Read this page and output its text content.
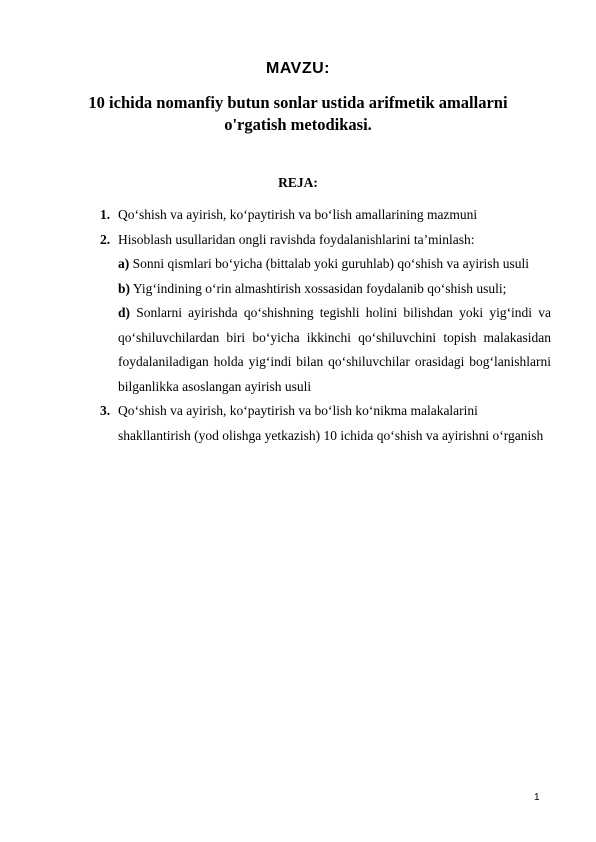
MAVZU:
10 ichida nomanfiy butun sonlar ustida arifmetik amallarni o'rgatish metodikasi.
REJA:
1. Qo‘shish va ayirish, ko‘paytirish va bo‘lish amallarining mazmuni
2. Hisoblash usullaridan ongli ravishda foydalanishlarini ta’minlash:
a) Sonni qismlari bo‘yicha (bittalab yoki guruhlab) qo‘shish va ayirish usuli
b) Yig‘indining o‘rin almashtirish xossasidan foydalanib qo‘shish usuli;
d) Sonlarni ayirishda qo‘shishning tegishli holini bilishdan yoki yig‘indi va qo‘shiluvchilardan biri bo‘yicha ikkinchi qo‘shiluvchini topish malakasidan foydalaniladigan holda yig‘indi bilan qo‘shiluvchilar orasidagi bog‘lanishlarni bilganlikka asoslangan ayirish usuli
3. Qo‘shish va ayirish, ko‘paytirish va bo‘lish ko‘nikma malakalarini shakllantirish (yod olishga yetkazish) 10 ichida qo‘shish va ayirishni o‘rganish
1
